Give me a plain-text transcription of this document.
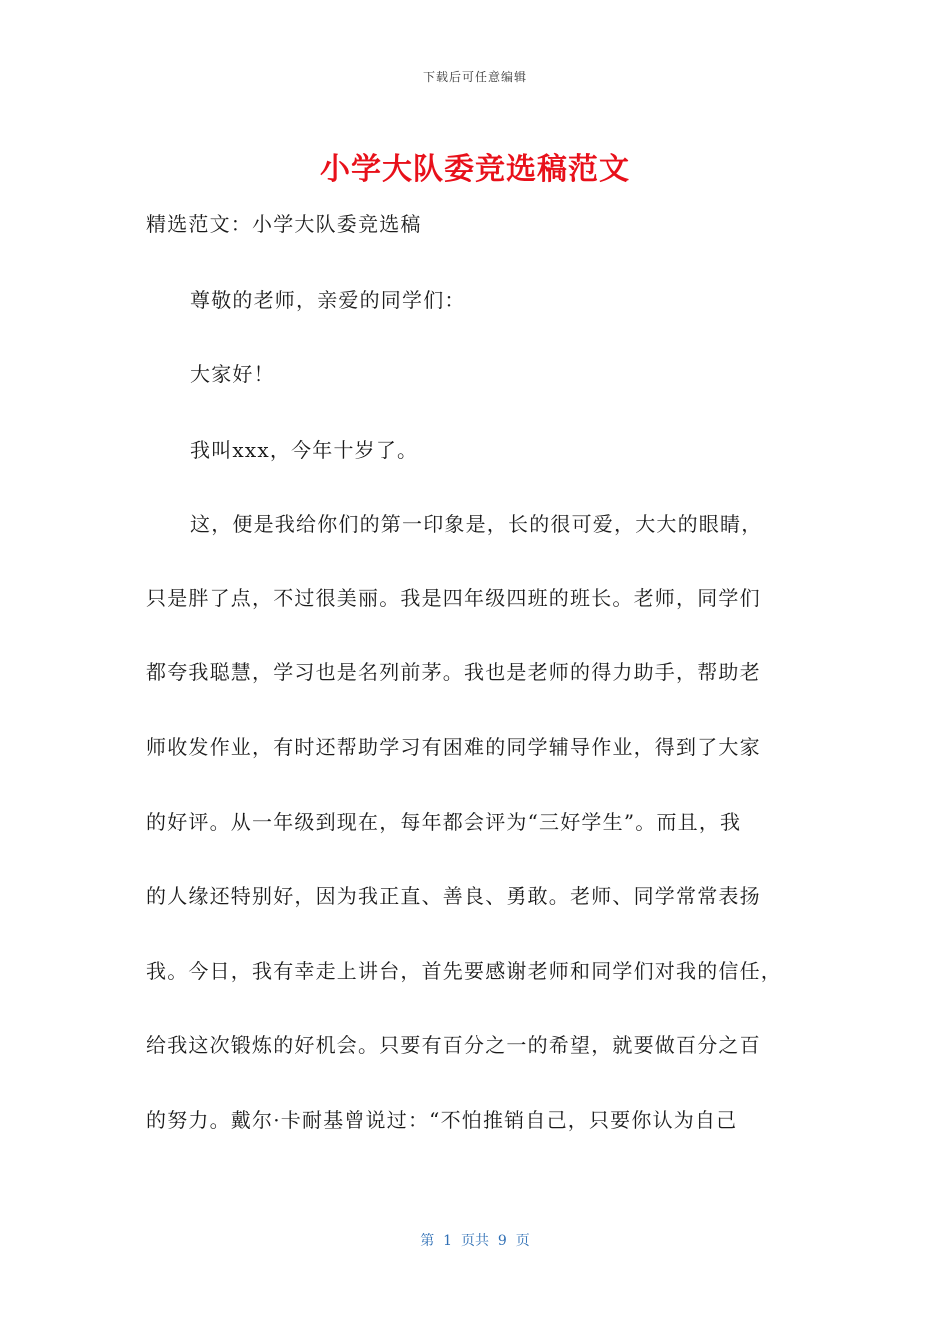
下载后可任意编辑
小学大队委竞选稿范文
精选范文：小学大队委竞选稿
尊敬的老师，亲爱的同学们：
大家好！
我叫xxx，今年十岁了。
这，便是我给你们的第一印象是，长的很可爱，大大的眼睛，
只是胖了点，不过很美丽。我是四年级四班的班长。老师，同学们
都夸我聪慧，学习也是名列前茅。我也是老师的得力助手，帮助老
师收发作业，有时还帮助学习有困难的同学辅导作业，得到了大家
的好评。从一年级到现在，每年都会评为“三好学生”。而且，我
的人缘还特别好，因为我正直、善良、勇敢。老师、同学常常表扬
我。今日，我有幸走上讲台，首先要感谢老师和同学们对我的信任，
给我这次锻炼的好机会。只要有百分之一的希望，就要做百分之百
的努力。戴尔·卡耐基曾说过：“不怕推销自己，只要你认为自己
第  1  页共  9  页
